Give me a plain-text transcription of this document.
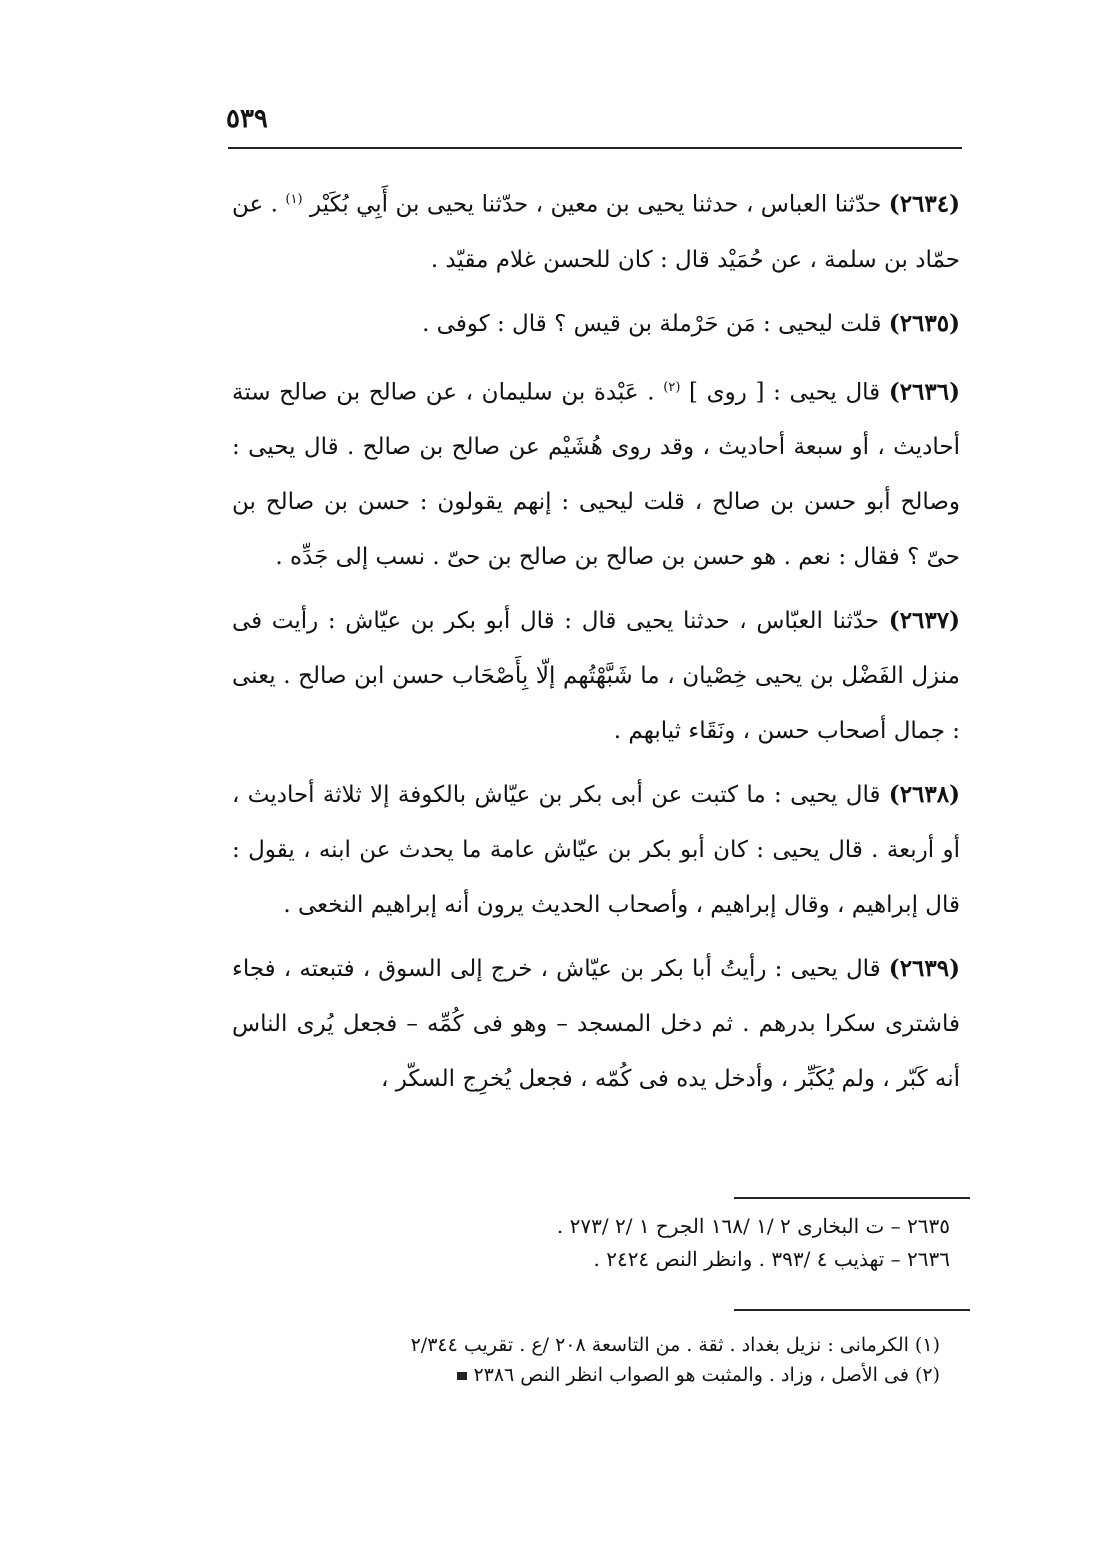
٥٣٩

(٢٦٣٤) حدّثنا العباس ، حدثنا يحيى بن معين ، حدّثنا يحيى بن أَبِي بُكَيْر $^{(١)}$ . عن حمّاد بن سلمة ، عن حُمَيْد قال : كان للحسن غلام مقيّد .

(٢٦٣٥) قلت ليحيى : مَن حَرْملة بن قيس ؟ قال : كوفى .

(٢٦٣٦) قال يحيى : [ روى ] $^{(٢)}$ . عَبْدة بن سليمان ، عن صالح بن صالح ستة أحاديث ، أو سبعة أحاديث ، وقد روى هُشَيْم عن صالح بن صالح . قال يحيى : وصالح أبو حسن بن صالح ، قلت ليحيى : إنهم يقولون : حسن بن صالح بن حىّ ؟ فقال : نعم . هو حسن بن صالح بن صالح بن حىّ . نسب إلى جَدِّه .

(٢٦٣٧) حدّثنا العبّاس ، حدثنا يحيى قال : قال أبو بكر بن عيّاش : رأيت فى منزل الفَضْل بن يحيى خِصْيان ، ما شَبَّهْتُهم إلّا بِأَصْحَاب حسن ابن صالح . يعنى : جمال أصحاب حسن ، ونَقَاء ثيابهم .

(٢٦٣٨) قال يحيى : ما كتبت عن أبى بكر بن عيّاش بالكوفة إلا ثلاثة أحاديث ، أو أربعة . قال يحيى : كان أبو بكر بن عيّاش عامة ما يحدث عن ابنه ، يقول : قال إبراهيم ، وقال إبراهيم ، وأصحاب الحديث يرون أنه إبراهيم النخعى .

(٢٦٣٩) قال يحيى : رأيتُ أبا بكر بن عيّاش ، خرج إلى السوق ، فتبعته ، فجاء فاشترى سكرا بدرهم . ثم دخل المسجد – وهو فى كُمِّه – فجعل يُرى الناس أنه كَبّر ، ولم يُكَبِّر ، وأدخل يده فى كُمّه ، فجعل يُخرِج السكّر ،

٢٦٣٥ – ت البخارى ٢ /١ /١٦٨ الجرح ١ /٢ /٢٧٣ .

٢٦٣٦ – تهذيب ٤ /٣٩٣ . وانظر النص ٢٤٢٤ .

(١) الكرمانى : نزيل بغداد . ثقة . من التاسعة ٢٠٨ /ع . تقريب ٢/٣٤٤

(٢) فى الأصل ، وزاد . والمثبت هو الصواب انظر النص ٢٣٨٦
